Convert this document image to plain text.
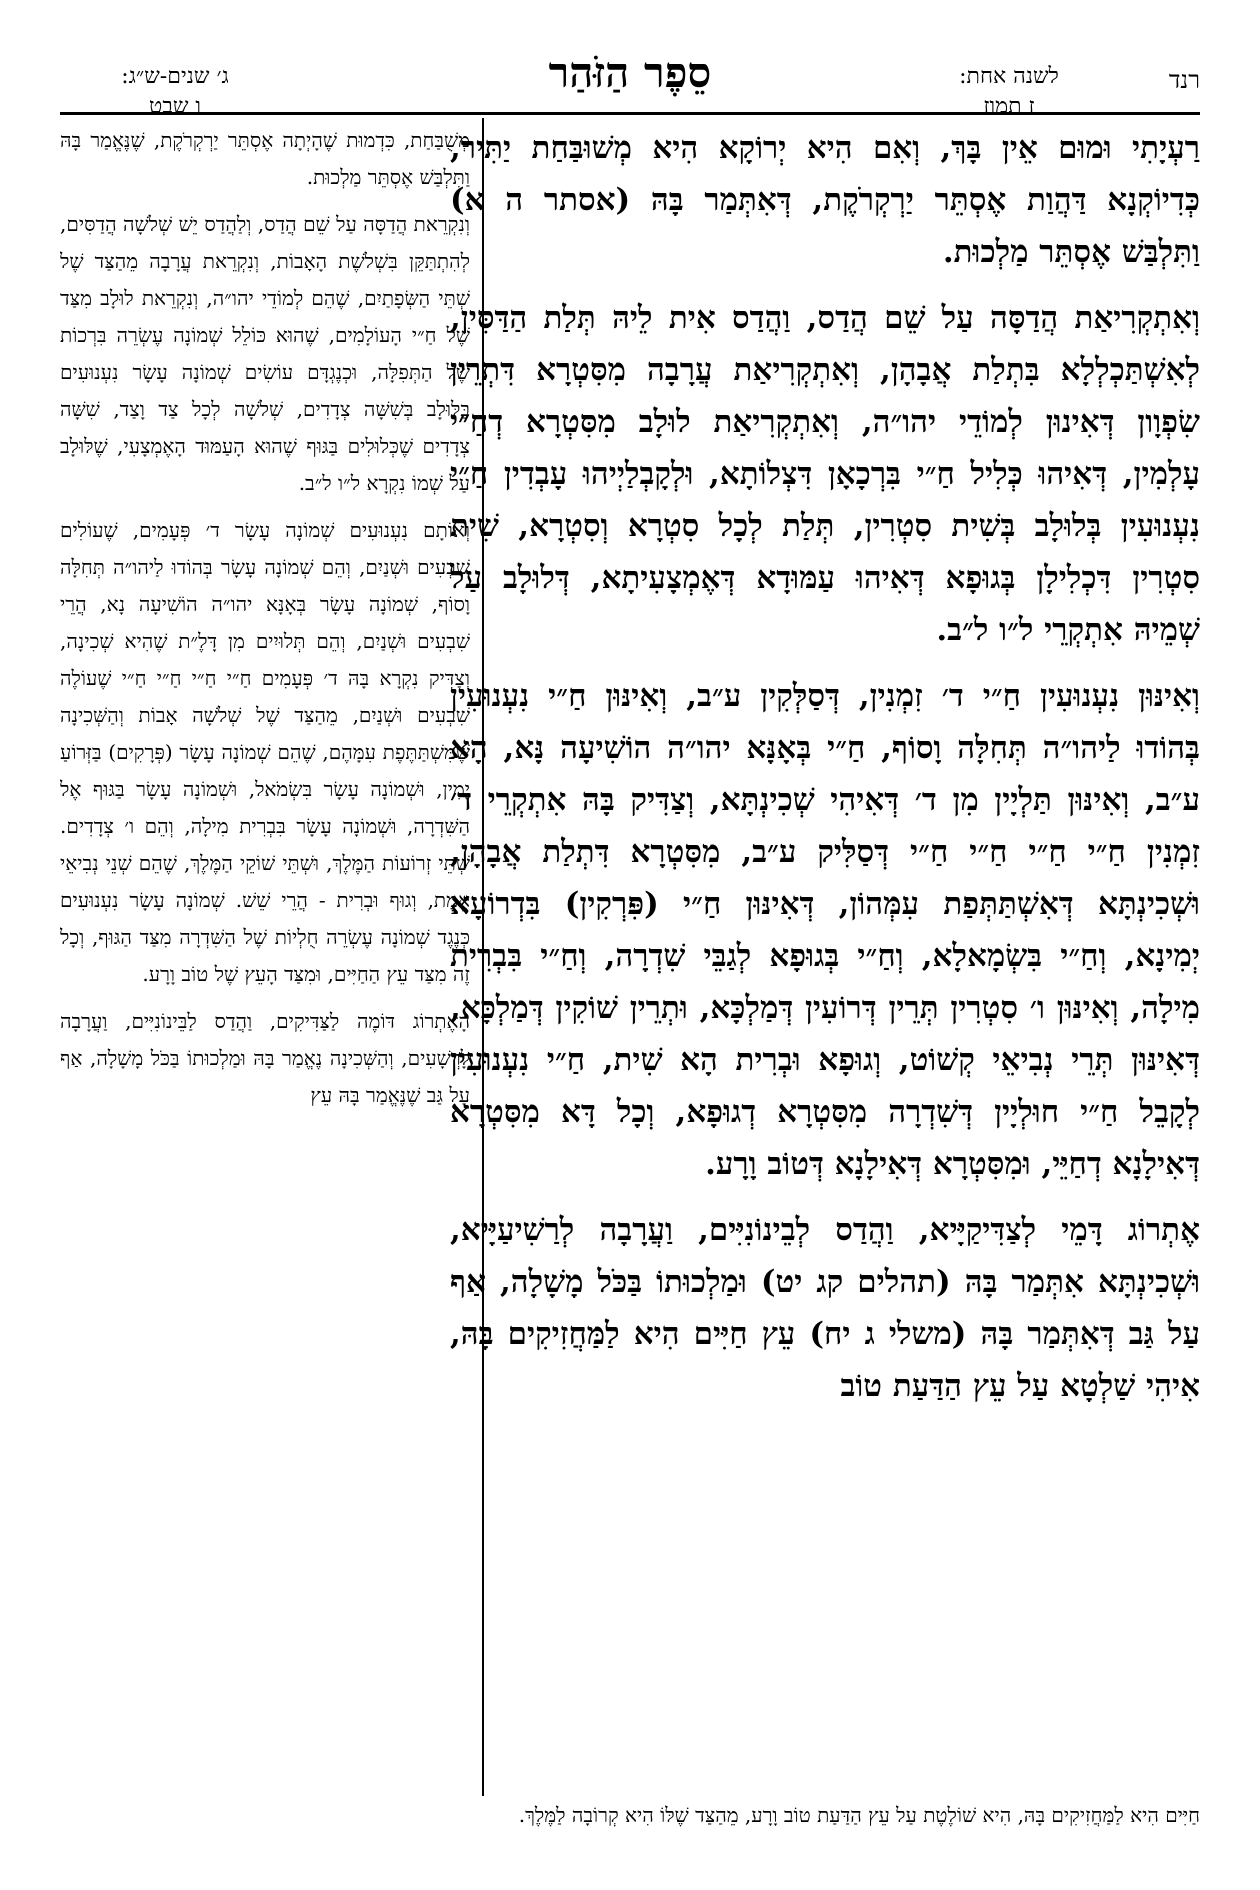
רנד
לשנה אחת:
ז תמוז
סֵפֶר הַזֹּהַר
ג׳ שנים-ש״ג:
ו שבט

רַעְיָתִי וּמוּם אֵין בָּךְ, וְאִם הִיא יְרוֹקָא הִיא מְשׁוּבַּחַת יַתִּיר, כְּדִיוֹקְנָא דַּהֲוַת אֶסְתֵּר יַרְקְרֹקֶת, דְּאִתְּמַר בָּהּ (אסתר ה א) וַתִּלְבַּשׁ אֶסְתֵּר מַלְכוּת.

וְאִתְקְרִיאַת הֲדַסָּה עַל שֵׁם הֲדַס, וַהֲדַס אִית לֵיהּ תְּלַת הַדַּסִּין, לְאִשְׁתַּכְלְלָא בִּתְלַת אֲבָהָן, וְאִתְקְרִיאַת עֲרָבָה מִסִּטְרָא דִּתְרֵין שִׂפְוָון דְּאִינוּן לְמוֹדֵי יהו״ה, וְאִתְקְרִיאַת לוּלָב מִסִּטְרָא דְחַ״י עָלְמִין, דְּאִיהוּ כְּלִיל חַ״י בִּרְכָאָן דִּצְלוֹתָא, וּלְקָבְלַיְיהוּ עָבְדִין חַ״י נִעְנוּעִין בְּלוּלָב בְּשִׁית סִטְרִין, תְּלַת לְכָל סִטְרָא וְסִטְרָא, שִׁית סִטְרִין דִּכְלִילָן בְּגוּפָא דְּאִיהוּ עַמּוּדָא דְּאֶמְצָעִיתָא, דְּלוּלָב עַל שְׁמֵיהּ אִתְקְרֵי ל״ו ל״ב.

וְאִינּוּן נִעְנוּעִין חַ״י ד׳ זִמְנִין, דְּסַלְּקִין ע״ב, וְאִינּוּן חַ״י נִעְנוּעִין בְּהוֹדוּ לַיהו״ה תְּחִלָּה וָסוֹף, חַ״י בְּאָנָּא יהו״ה הוֹשִׁיעָה נָּא, הָא ע״ב, וְאִינּוּן תַּלְיָין מִן ד׳ דְּאִיהִי שְׁכִינְתָּא, וְצַדִּיק בָּהּ אִתְקְרֵי ד׳ זִמְנִין חַ״י חַ״י חַ״י חַ״י דְּסַלִּיק ע״ב, מִסִּטְרָא דִּתְלַת אֲבָהָן, וּשְׁכִינְתָּא דְּאִשְׁתַּתְּפַת עִמְּהוֹן, דְּאִינּוּן חַ״י (פִּרְקִין) בִּדְרוֹעָא יְמִינָא, וְחַ״י בִּשְׂמָאלָא, וְחַ״י בְּגוּפָא לְגַבֵּי שִׁדְרָה, וְחַ״י בִּבְרִית מִילָה, וְאִינּוּן ו׳ סִטְרִין תְּרֵין דְּרוֹעִין דְּמַלְכָּא, וּתְרֵין שׁוֹקִין דְּמַלְכָּא, דְּאִינּוּן תְּרֵי נְבִיאֵי קְשׁוֹט, וְגוּפָא וּבְרִית הָא שִׁית, חַ״י נִעְנוּעִין לְקָבֵל חַ״י חוּלְיָין דְּשִׁדְרָה מִסִּטְרָא דְגוּפָא, וְכָל דָּא מִסִּטְרָא דְּאִילָנָא דְחַיֵּי, וּמִסִּטְרָא דְּאִילָנָא דְּטוֹב וָרָע.

אֶתְרוֹג דָּמֵי לְצַדִּיקַיָּיא, וַהֲדַס לְבֵינוֹנִיִּים, וַעֲרָבָה לְרַשִׁיעַיָּיא, וּשְׁכִינְתָּא אִתְּמַר בָּהּ (תהלים קג יט) וּמַלְכוּתוֹ בַּכֹּל מָשָׁלָה, אַף עַל גַּב דְּאִתְּמַר בָּהּ (משלי ג יח) עֵץ חַיִּים הִיא לַמַּחֲזִיקִים בָּהּ, אִיהִי שַׁלְטָא עַל עֵץ הַדַּעַת טוֹב

מְשֻׁבַּחַת, כִּדְמוּת שֶׁהָיְתָה אֶסְתֵּר יַרְקְרֹקֶת, שֶׁנֶּאֱמַר בָּהּ וַתִּלְבַּשׁ אֶסְתֵּר מַלְכוּת.

וְנִקְרֵאת הֲדַסָּה עַל שֵׁם הֲדַס, וְלַהֲדַס יֵשׁ שְׁלֹשָׁה הֲדַסִּים, לְהִתְתַּקֵּן בִּשְׁלֹשֶׁת הָאָבוֹת, וְנִקְרֵאת עֲרָבָה מֵהַצַּד שֶׁל שְׁתֵּי הַשְּׂפָתַיִם, שֶׁהֵם לְמוֹדֵי יהו״ה, וְנִקְרֵאת לוּלָב מִצַּד שֶׁל חַ״י הָעוֹלָמִים, שֶׁהוּא כּוֹלֵל שְׁמוֹנָה עֶשְׂרֵה בִּרְכוֹת שֶׁל הַתְּפִלָּה, וּכְנֶגְדָּם עוֹשִׂים שְׁמוֹנָה עָשָׂר נִעְנוּעִים בַּלּוּלָב בְּשִׁשָּׁה צְדָדִים, שְׁלֹשָׁה לְכָל צַד וָצַד, שִׁשָּׁה צְדָדִים שֶׁכְּלוּלִים בַּגּוּף שֶׁהוּא הָעַמּוּד הָאֶמְצָעִי, שֶׁלּוּלָב עַל שְׁמוֹ נִקְרָא ל״ו ל״ב.

וְאוֹתָם נִעְנוּעִים שְׁמוֹנָה עָשָׂר ד׳ פְּעָמִים, שֶׁעוֹלִים שִׁבְעִים וּשְׁנַיִם, וְהֵם שְׁמוֹנָה עָשָׂר בְּהוֹדוּ לַיהו״ה תְּחִלָּה וָסוֹף, שְׁמוֹנָה עָשָׂר בְּאָנָּא יהו״ה הוֹשִׁיעָה נָא, הֲרֵי שִׁבְעִים וּשְׁנַיִם, וְהֵם תְּלוּיִים מִן דָּלֶ״ת שֶׁהִיא שְׁכִינָה, וְצַדִּיק נִקְרָא בָּהּ ד׳ פְּעָמִים חַ״י חַ״י חַ״י חַ״י שֶׁעוֹלֶה שִׁבְעִים וּשְׁנַיִם, מֵהַצַּד שֶׁל שְׁלֹשָׁה אָבוֹת וְהַשְּׁכִינָה שֶׁמִּשְׁתַּתֶּפֶת עִמָּהֶם, שֶׁהֵם שְׁמוֹנָה עָשָׂר (פְּרָקִים) בַּזְּרוֹעַ יָמִין, וּשְׁמוֹנָה עָשָׂר בִּשְׂמֹאל, וּשְׁמוֹנָה עָשָׂר בַּגּוּף אֶל הַשִּׁדְרָה, וּשְׁמוֹנָה עָשָׂר בִּבְרִית מִילָה, וְהֵם ו׳ צְדָדִים. שְׁתֵּי זְרוֹעוֹת הַמֶּלֶךְ, וּשְׁתֵּי שׁוֹקֵי הַמֶּלֶךְ, שֶׁהֵם שְׁנֵי נְבִיאֵי אֱמֶת, וְגוּף וּבְרִית - הֲרֵי שֵׁשׁ. שְׁמוֹנָה עָשָׂר נִעְנוּעִים כְּנֶגֶד שְׁמוֹנָה עֶשְׂרֵה חֻלְיוֹת שֶׁל הַשִּׁדְרָה מִצַּד הַגּוּף, וְכָל זֶה מִצַּד עֵץ הַחַיִּים, וּמִצַּד הָעֵץ שֶׁל טוֹב וָרָע.

הָאֶתְרוֹג דּוֹמֶה לַצַּדִּיקִים, וַהֲדַס לַבֵּינוֹנִיִּים, וַעֲרָבָה לָרְשָׁעִים, וְהַשְּׁכִינָה נֶאֱמַר בָּהּ וּמַלְכוּתוֹ בַּכֹּל מָשָׁלָה, אַף עַל גַּב שֶׁנֶּאֱמַר בָּהּ עֵץ

חַיִּים הִיא לַמַּחֲזִיקִים בָּהּ, הִיא שׁוֹלֶטֶת עַל עֵץ הַדַּעַת טוֹב וָרָע, מֵהַצַּד שֶׁלּוֹ הִיא קְרוֹבָה לַמֶּלֶךְ.
